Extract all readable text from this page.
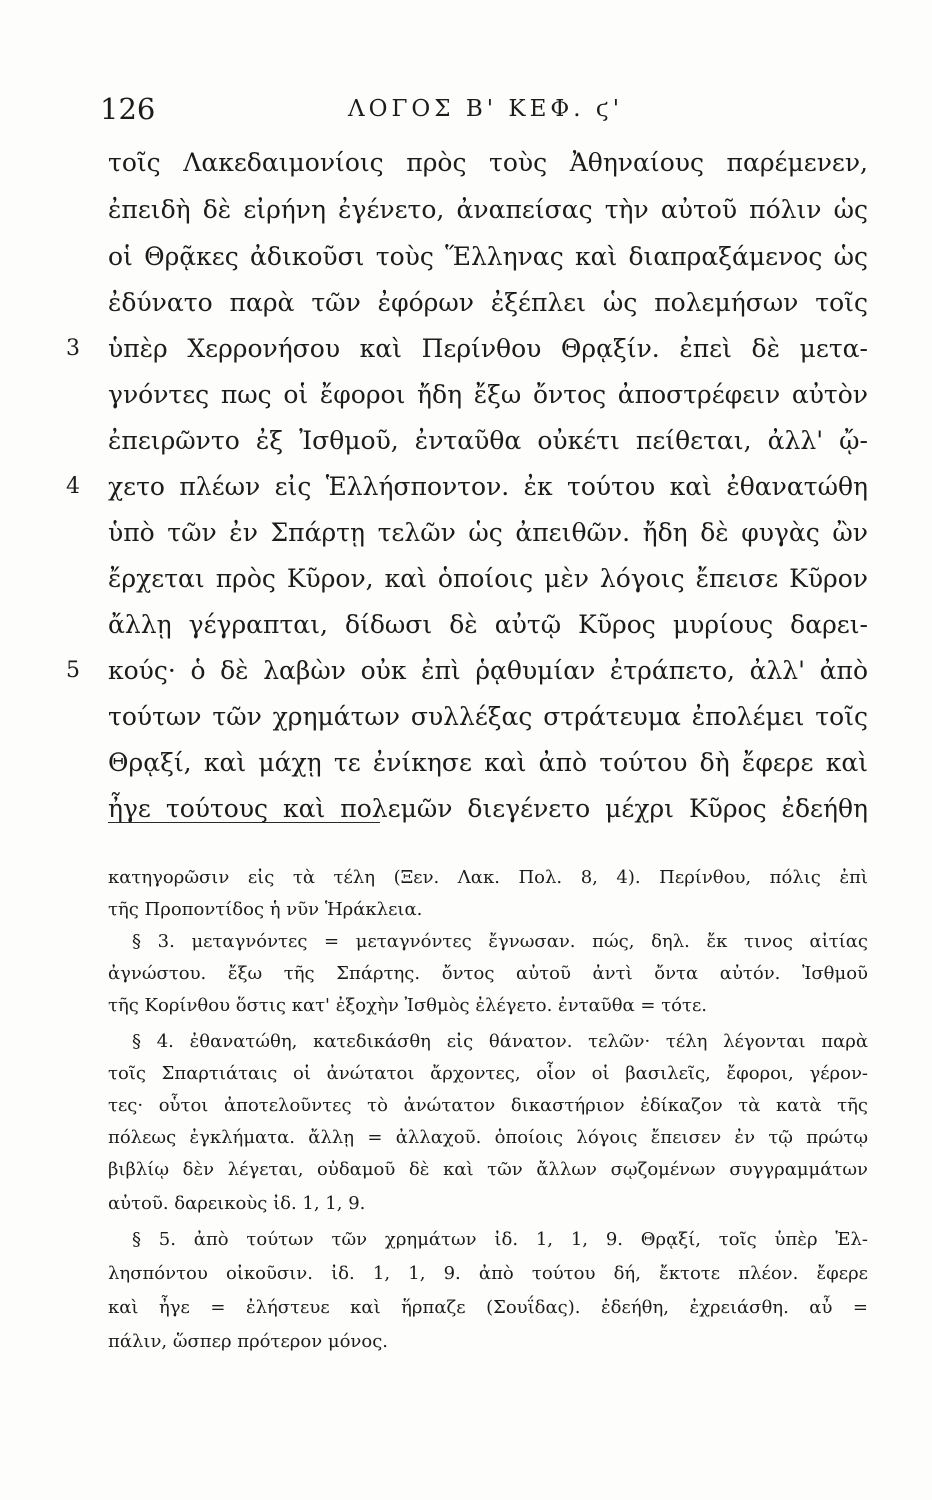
126	ΛΟΓΟΣ Β' ΚΕΦ. ϛ'
τοῖς Λακεδαιμονίοις πρὸς τοὺς Ἀθηναίους παρέμενεν,
ἐπειδὴ δὲ εἰρήνη ἐγένετο, ἀναπείσας τὴν αὐτοῦ πόλιν ὡς
οἱ Θρᾷκες ἀδικοῦσι τοὺς Ἕλληνας καὶ διαπραξάμενος ὡς
ἐδύνατο παρὰ τῶν ἐφόρων ἐξέπλει ὡς πολεμήσων τοῖς
ὑπὲρ Χερρονήσου καὶ Περίνθου Θρᾳξίν. ἐπεὶ δὲ μετα-
γνόντες πως οἱ ἔφοροι ἤδη ἔξω ὄντος ἀποστρέφειν αὐτὸν
ἐπειρῶντο ἐξ Ἰσθμοῦ, ἐνταῦθα οὐκέτι πείθεται, ἀλλ' ᾤ-
χετο πλέων εἰς Ἑλλήσποντον. ἐκ τούτου καὶ ἐθανατώθη
ὑπὸ τῶν ἐν Σπάρτῃ τελῶν ὡς ἀπειθῶν. ἤδη δὲ φυγὰς ὢν
ἔρχεται πρὸς Κῦρον, καὶ ὁποίοις μὲν λόγοις ἔπεισε Κῦρον
ἄλλῃ γέγραπται, δίδωσι δὲ αὐτῷ Κῦρος μυρίους δαρει-
κούς· ὁ δὲ λαβὼν οὐκ ἐπὶ ῥᾳθυμίαν ἐτράπετο, ἀλλ' ἀπὸ
τούτων τῶν χρημάτων συλλέξας στράτευμα ἐπολέμει τοῖς
Θρᾳξί, καὶ μάχῃ τε ἐνίκησε καὶ ἀπὸ τούτου δὴ ἔφερε καὶ
ἦγε τούτους καὶ πολεμῶν διεγένετο μέχρι Κῦρος ἐδεήθη
3
4
5
κατηγορῶσιν εἰς τὰ τέλη (Ξεν. Λακ. Πολ. 8, 4). Περίνθου, πόλις ἐπὶ
τῆς Προποντίδος ἡ νῦν Ἡράκλεια.
§ 3. μεταγνόντες = μεταγνόντες ἔγνωσαν. πώς, δηλ. ἔκ τινος αἰτίας
ἀγνώστου. ἔξω τῆς Σπάρτης. ὄντος αὐτοῦ ἀντὶ ὄντα αὐτόν. Ἰσθμοῦ
τῆς Κορίνθου ὅστις κατ' ἐξοχὴν Ἰσθμὸς ἐλέγετο. ἐνταῦθα = τότε.
§ 4. ἐθανατώθη, κατεδικάσθη εἰς θάνατον. τελῶν· τέλη λέγονται παρὰ
τοῖς Σπαρτιάταις οἱ ἀνώτατοι ἄρχοντες, οἷον οἱ βασιλεῖς, ἔφοροι, γέρον-
τες· οὗτοι ἀποτελοῦντες τὸ ἀνώτατον δικαστήριον ἐδίκαζον τὰ κατὰ τῆς
πόλεως ἐγκλήματα. ἄλλῃ = ἀλλαχοῦ. ὁποίοις λόγοις ἔπεισεν ἐν τῷ πρώτῳ
βιβλίῳ δὲν λέγεται, οὐδαμοῦ δὲ καὶ τῶν ἄλλων σῳζομένων συγγραμμάτων
αὐτοῦ. δαρεικοὺς ἰδ. 1, 1, 9.
§ 5. ἀπὸ τούτων τῶν χρημάτων ἰδ. 1, 1, 9. Θρᾳξί, τοῖς ὑπὲρ Ἑλ-
λησπόντου οἰκοῦσιν. ἰδ. 1, 1, 9. ἀπὸ τούτου δή, ἔκτοτε πλέον. ἔφερε
καὶ ἦγε = ἐλήστευε καὶ ἥρπαζε (Σουΐδας). ἐδεήθη, ἐχρειάσθη. αὖ =
πάλιν, ὥσπερ πρότερον μόνος.
